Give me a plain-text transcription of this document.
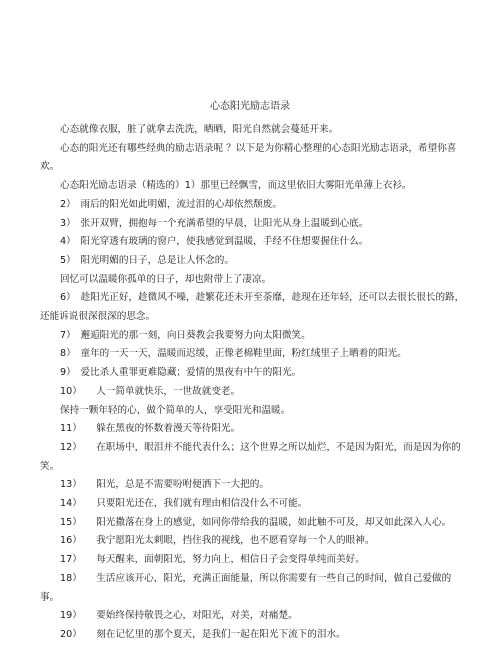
心态阳光励志语录

心态就像衣服，脏了就拿去洗洗，晒晒，阳光自然就会蔓延开来。

心态的阳光还有哪些经典的励志语录呢 ？以下是为你精心整理的心态阳光励志语录，希望你喜欢。

心态阳光励志语录（精选的）1）那里已经飘雪，而这里依旧大雾阳光单薄上衣衫。

2）　雨后的阳光如此明媚，流过泪的心却依然颓废。

3）　张开双臂，拥抱每一个充满希望的早晨，让阳光从身上温暖到心底。

4）　阳光穿透有玻璃的窗户，使我感觉到温暖，手经不住想要握住什么。

5）　阳光明媚的日子，总是让人怀念的。

回忆可以温暖你孤单的日子，却也附带上了凄凉。

6）　趁阳光正好，趁微风不噪，趁繁花还未开至荼靡，趁现在还年轻，还可以去很长很长的路，还能诉说很深很深的思念。

7）　邂逅阳光的那一刻，向日葵教会我要努力向太阳微笑。

8）　童年的一天一天，温暖而迟缓，正像老棉鞋里面，粉红绒里子上晒着的阳光。

9）　爱比杀人重罪更难隐藏；爱情的黑夜有中午的阳光。

10）　　人一简单就快乐，一世故就变老。

保持一颗年轻的心，做个简单的人，享受阳光和温暖。

11）　　躲在黑夜的怀数着漫天等待阳光。

12）　　在职场中，眼泪并不能代表什么；这个世界之所以灿烂，不是因为阳光，而是因为你的笑。

13）　　阳光，总是不需要吩咐便洒下一大把的。

14）　　只要阳光还在，我们就有理由相信没什么不可能。

15）　　阳光撒落在身上的感觉，如同你带给我的温暖，如此触不可及，却又如此深入人心。

16）　　我宁愿阳光太刺眼，挡住我的视线，也不愿看穿每一个人的眼神。

17）　　每天醒来，面朝阳光，努力向上，相信日子会变得单纯而美好。

18）　　生活应该开心，阳光，充满正面能量，所以你需要有一些自己的时间，做自己爱做的事。

19）　　要始终保持敬畏之心，对阳光，对美，对痛楚。

20）　　刻在记忆里的那个夏天，是我们一起在阳光下流下的泪水。
